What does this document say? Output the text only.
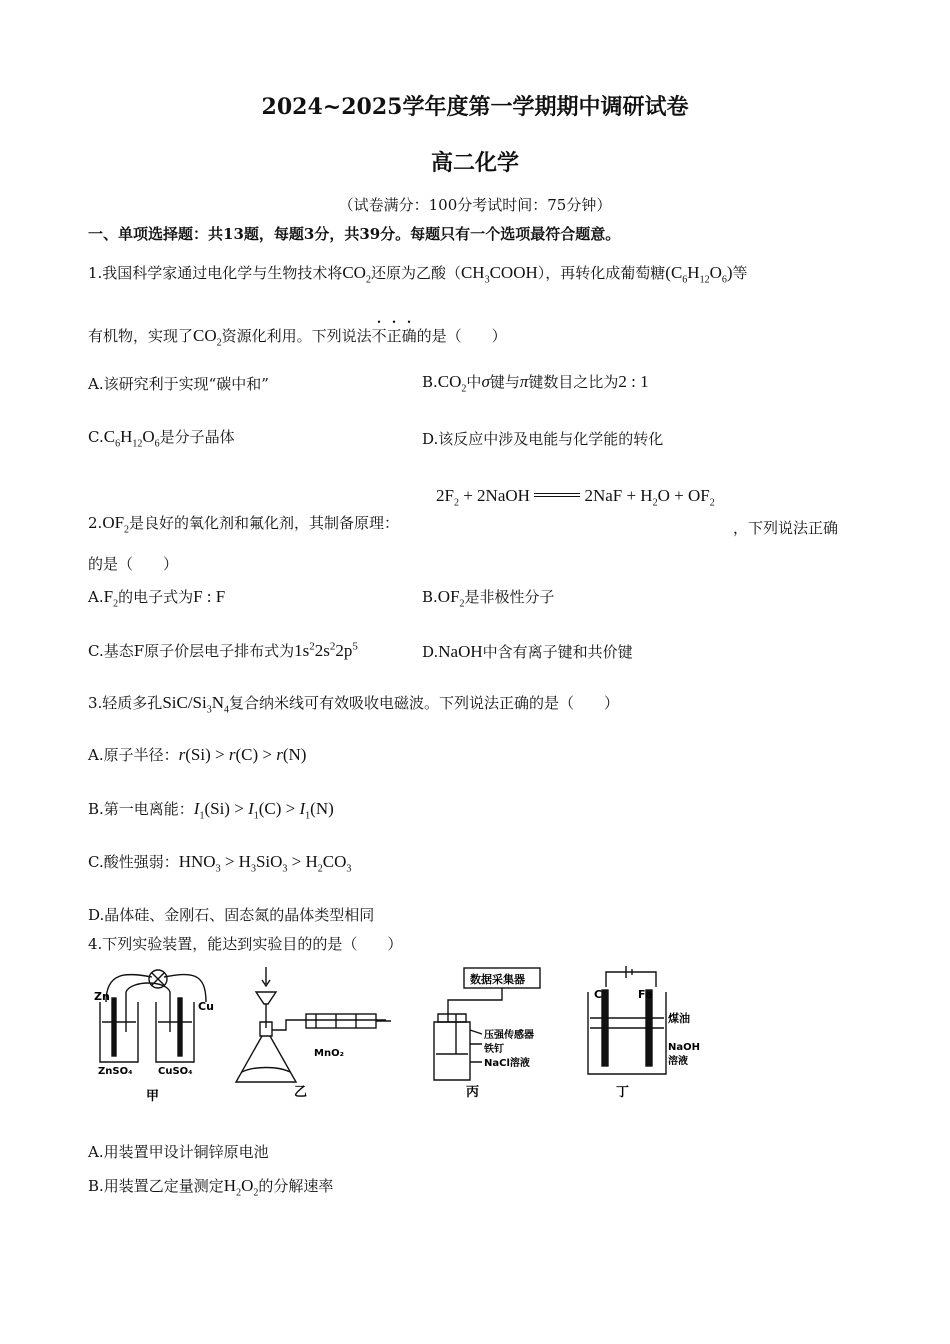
2024~2025学年度第一学期期中调研试卷
高二化学
（试卷满分：100分考试时间：75分钟）
一、单项选择题：共13题，每题3分，共39分。每题只有一个选项最符合题意。
1.我国科学家通过电化学与生物技术将$CO_2$还原为乙酸$(CH_3COOH)$，再转化成葡萄糖$(C_6H_{12}O_6)$等
有机物，实现了$CO_2$资源化利用。下列说法不正确的是（　　）
A.该研究利于实现“碳中和”	$B.CO_2$中σ键与π键数目之比为2 : 1
$C.C_6H_{12}O_6$是分子晶体	D.该反应中涉及电能与化学能的转化
$2F_2$ + 2NaOH	$2NaF + H_2O + OF_2$
$2.OF_2$是良好的氧化剂和氟化剂，其制备原理：	，下列说法正确
的是（　　）
$A.F_2$的电子式为F : F	$B.OF_2$是非极性分子
C.基态F原子价层电子排布式为$1s^22s^22p^5$	D.NaOH中含有离子键和共价键
3.轻质多孔SiC/$Si_3N_4$复合纳米线可有效吸收电磁波。下列说法正确的是（　　）
A.原子半径：r(Si) > r(C) > r(N)
B.第一电离能：$I_1(Si) > I_1(C) > I_1(N)$
C.酸性强弱：$HNO_3 > H_3SiO_3 > H_2CO_3$
D.晶体硅、金刚石、固态氮的晶体类型相同
4.下列实验装置，能达到实验目的的是（　　）
Zn
Cu
ZnSO₄	CuSO₄
甲
MnO₂
乙
数据采集器
压强传感器
铁钉
NaCl溶液
丙
C	Fe
煤油
NaOH
溶液
丁
A.用装置甲设计铜锌原电池
B.用装置乙定量测定$H_2O_2$的分解速率
